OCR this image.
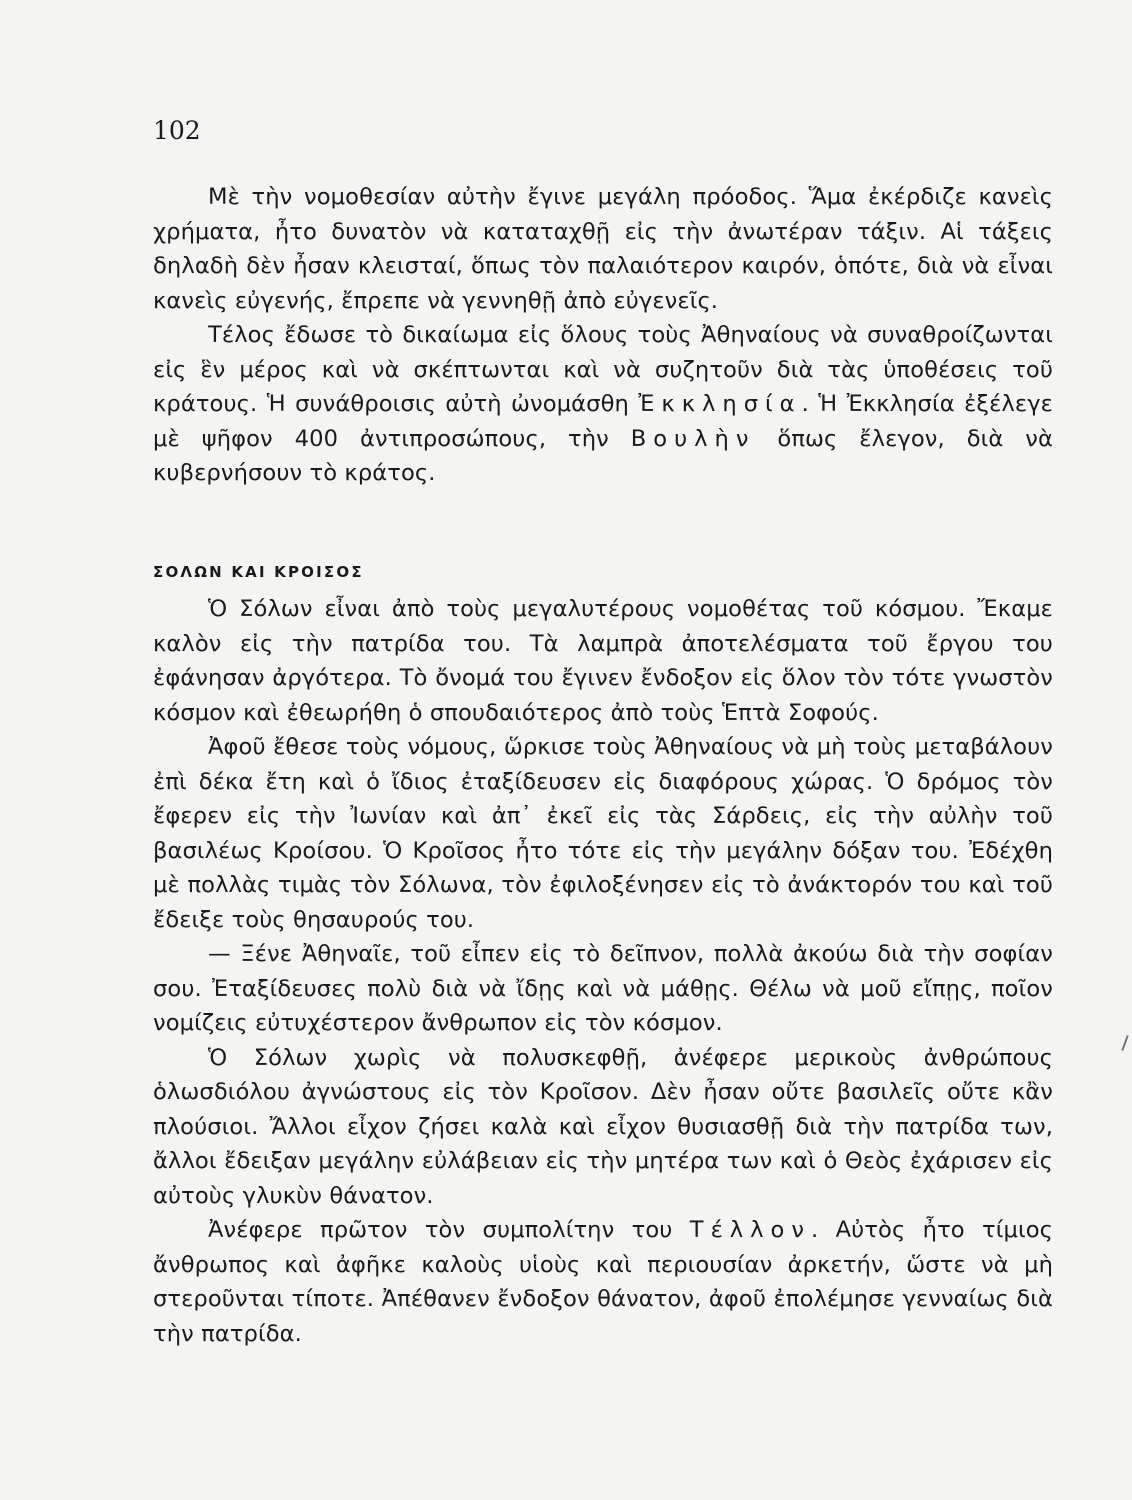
102

Μὲ τὴν νομοθεσίαν αὐτὴν ἔγινε μεγάλη πρόοδος. Ἅμα ἐκέρδιζε κανεὶς χρήματα, ἦτο δυνατὸν νὰ καταταχθῇ εἰς τὴν ἀνωτέραν τάξιν. Αἱ τάξεις δηλαδὴ δὲν ἦσαν κλεισταί, ὅπως τὸν παλαιότερον καιρόν, ὁπότε, διὰ νὰ εἶναι κανεὶς εὐγενής, ἔπρεπε νὰ γεννηθῇ ἀπὸ εὐγενεῖς.

Τέλος ἔδωσε τὸ δικαίωμα εἰς ὅλους τοὺς Ἀθηναίους νὰ συναθροίζωνται εἰς ἓν μέρος καὶ νὰ σκέπτωνται καὶ νὰ συζητοῦν διὰ τὰς ὑποθέσεις τοῦ κράτους. Ἡ συνάθροισις αὐτὴ ὠνομάσθη Ἐκκλησία. Ἡ Ἐκκλησία ἐξέλεγε μὲ ψῆφον 400 ἀντιπροσώπους, τὴν Βουλὴν ὅπως ἔλεγον, διὰ νὰ κυβερνήσουν τὸ κράτος.

ΣΟΛΩΝ ΚΑΙ ΚΡΟΙΣΟΣ

Ὁ Σόλων εἶναι ἀπὸ τοὺς μεγαλυτέρους νομοθέτας τοῦ κόσμου. Ἔκαμε καλὸν εἰς τὴν πατρίδα του. Τὰ λαμπρὰ ἀποτελέσματα τοῦ ἔργου του ἐφάνησαν ἀργότερα. Τὸ ὄνομά του ἔγινεν ἔνδοξον εἰς ὅλον τὸν τότε γνωστὸν κόσμον καὶ ἐθεωρήθη ὁ σπουδαιότερος ἀπὸ τοὺς Ἑπτὰ Σοφούς.

Ἀφοῦ ἔθεσε τοὺς νόμους, ὥρκισε τοὺς Ἀθηναίους νὰ μὴ τοὺς μεταβάλουν ἐπὶ δέκα ἔτη καὶ ὁ ἴδιος ἐταξίδευσεν εἰς διαφόρους χώρας. Ὁ δρόμος τὸν ἔφερεν εἰς τὴν Ἰωνίαν καὶ ἀπ᾽ ἐκεῖ εἰς τὰς Σάρδεις, εἰς τὴν αὐλὴν τοῦ βασιλέως Κροίσου. Ὁ Κροῖσος ἦτο τότε εἰς τὴν μεγάλην δόξαν του. Ἐδέχθη μὲ πολλὰς τιμὰς τὸν Σόλωνα, τὸν ἐφιλοξένησεν εἰς τὸ ἀνάκτορόν του καὶ τοῦ ἔδειξε τοὺς θησαυρούς του.

— Ξένε Ἀθηναῖε, τοῦ εἶπεν εἰς τὸ δεῖπνον, πολλὰ ἀκούω διὰ τὴν σοφίαν σου. Ἐταξίδευσες πολὺ διὰ νὰ ἴδῃς καὶ νὰ μάθῃς. Θέλω νὰ μοῦ εἴπῃς, ποῖον νομίζεις εὐτυχέστερον ἄνθρωπον εἰς τὸν κόσμον.

Ὁ Σόλων χωρὶς νὰ πολυσκεφθῇ, ἀνέφερε μερικοὺς ἀνθρώπους ὁλωσδιόλου ἀγνώστους εἰς τὸν Κροῖσον. Δὲν ἦσαν οὔτε βασιλεῖς οὔτε κἂν πλούσιοι. Ἄλλοι εἶχον ζήσει καλὰ καὶ εἶχον θυσιασθῇ διὰ τὴν πατρίδα των, ἄλλοι ἔδειξαν μεγάλην εὐλάβειαν εἰς τὴν μητέρα των καὶ ὁ Θεὸς ἐχάρισεν εἰς αὐτοὺς γλυκὺν θάνατον.

Ἀνέφερε πρῶτον τὸν συμπολίτην του Τέλλον. Αὐτὸς ἦτο τίμιος ἄνθρωπος καὶ ἀφῆκε καλοὺς υἱοὺς καὶ περιουσίαν ἀρκετήν, ὥστε νὰ μὴ στεροῦνται τίποτε. Ἀπέθανεν ἔνδοξον θάνατον, ἀφοῦ ἐπολέμησε γενναίως διὰ τὴν πατρίδα.
